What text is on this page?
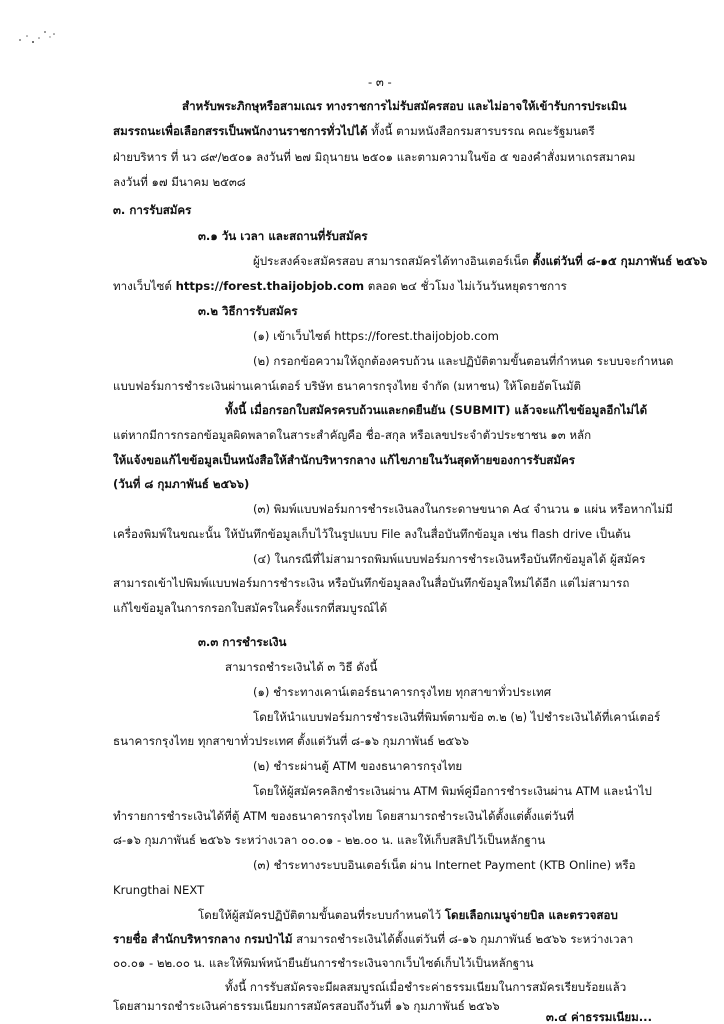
- ๓ -
สำหรับพระภิกษุหรือสามเณร ทางราชการไม่รับสมัครสอบ และไม่อาจให้เข้ารับการประเมิน
สมรรถนะเพื่อเลือกสรรเป็นพนักงานราชการทั่วไปได้ ทั้งนี้ ตามหนังสือกรมสารบรรณ คณะรัฐมนตรี
ฝ่ายบริหาร ที่ นว ๘๙/๒๕๐๑ ลงวันที่ ๒๗ มิถุนายน ๒๕๐๑ และตามความในข้อ ๕ ของคำสั่งมหาเถรสมาคม
ลงวันที่ ๑๗ มีนาคม ๒๕๓๘
๓. การรับสมัคร
๓.๑ วัน เวลา และสถานที่รับสมัคร
ผู้ประสงค์จะสมัครสอบ สามารถสมัครได้ทางอินเตอร์เน็ต ตั้งแต่วันที่ ๘-๑๕ กุมภาพันธ์ ๒๕๖๖
ทางเว็บไซต์ https://forest.thaijobjob.com ตลอด ๒๔ ชั่วโมง ไม่เว้นวันหยุดราชการ
๓.๒ วิธีการรับสมัคร
(๑) เข้าเว็บไซต์ https://forest.thaijobjob.com
(๒) กรอกข้อความให้ถูกต้องครบถ้วน และปฏิบัติตามขั้นตอนที่กำหนด ระบบจะกำหนด
แบบฟอร์มการชำระเงินผ่านเคาน์เตอร์ บริษัท ธนาคารกรุงไทย จำกัด (มหาชน) ให้โดยอัตโนมัติ
ทั้งนี้ เมื่อกรอกใบสมัครครบถ้วนและกดยืนยัน (SUBMIT) แล้วจะแก้ไขข้อมูลอีกไม่ได้
แต่หากมีการกรอกข้อมูลผิดพลาดในสาระสำคัญคือ ชื่อ-สกุล หรือเลขประจำตัวประชาชน ๑๓ หลัก
ให้แจ้งขอแก้ไขข้อมูลเป็นหนังสือให้สำนักบริหารกลาง แก้ไขภายในวันสุดท้ายของการรับสมัคร
(วันที่ ๘ กุมภาพันธ์ ๒๕๖๖)
(๓) พิมพ์แบบฟอร์มการชำระเงินลงในกระดาษขนาด A๔ จำนวน ๑ แผ่น หรือหากไม่มี
เครื่องพิมพ์ในขณะนั้น ให้บันทึกข้อมูลเก็บไว้ในรูปแบบ File ลงในสื่อบันทึกข้อมูล เช่น flash drive เป็นต้น
(๔) ในกรณีที่ไม่สามารถพิมพ์แบบฟอร์มการชำระเงินหรือบันทึกข้อมูลได้ ผู้สมัคร
สามารถเข้าไปพิมพ์แบบฟอร์มการชำระเงิน หรือบันทึกข้อมูลลงในสื่อบันทึกข้อมูลใหม่ได้อีก แต่ไม่สามารถ
แก้ไขข้อมูลในการกรอกใบสมัครในครั้งแรกที่สมบูรณ์ได้
๓.๓ การชำระเงิน
สามารถชำระเงินได้ ๓ วิธี ดังนี้
(๑) ชำระทางเคาน์เตอร์ธนาคารกรุงไทย ทุกสาขาทั่วประเทศ
โดยให้นำแบบฟอร์มการชำระเงินที่พิมพ์ตามข้อ ๓.๒ (๒) ไปชำระเงินได้ที่เคาน์เตอร์
ธนาคารกรุงไทย ทุกสาขาทั่วประเทศ ตั้งแต่วันที่ ๘-๑๖ กุมภาพันธ์ ๒๕๖๖
(๒) ชำระผ่านตู้ ATM ของธนาคารกรุงไทย
โดยให้ผู้สมัครคลิกชำระเงินผ่าน ATM พิมพ์คู่มือการชำระเงินผ่าน ATM และนำไป
ทำรายการชำระเงินได้ที่ตู้ ATM ของธนาคารกรุงไทย โดยสามารถชำระเงินได้ตั้งแต่ตั้งแต่วันที่
๘-๑๖ กุมภาพันธ์ ๒๕๖๖ ระหว่างเวลา ๐๐.๐๑ - ๒๒.๐๐ น. และให้เก็บสลิปไว้เป็นหลักฐาน
(๓) ชำระทางระบบอินเตอร์เน็ต ผ่าน Internet Payment (KTB Online) หรือ
Krungthai NEXT
โดยให้ผู้สมัครปฏิบัติตามขั้นตอนที่ระบบกำหนดไว้ โดยเลือกเมนูจ่ายบิล และตรวจสอบ
รายชื่อ สำนักบริหารกลาง กรมป่าไม้ สามารถชำระเงินได้ตั้งแต่วันที่ ๘-๑๖ กุมภาพันธ์ ๒๕๖๖ ระหว่างเวลา
๐๐.๐๑ - ๒๒.๐๐ น. และให้พิมพ์หน้ายืนยันการชำระเงินจากเว็บไซต์เก็บไว้เป็นหลักฐาน
ทั้งนี้ การรับสมัครจะมีผลสมบูรณ์เมื่อชำระค่าธรรมเนียมในการสมัครเรียบร้อยแล้ว
โดยสามารถชำระเงินค่าธรรมเนียมการสมัครสอบถึงวันที่ ๑๖ กุมภาพันธ์ ๒๕๖๖
๓.๔ ค่าธรรมเนียม...
